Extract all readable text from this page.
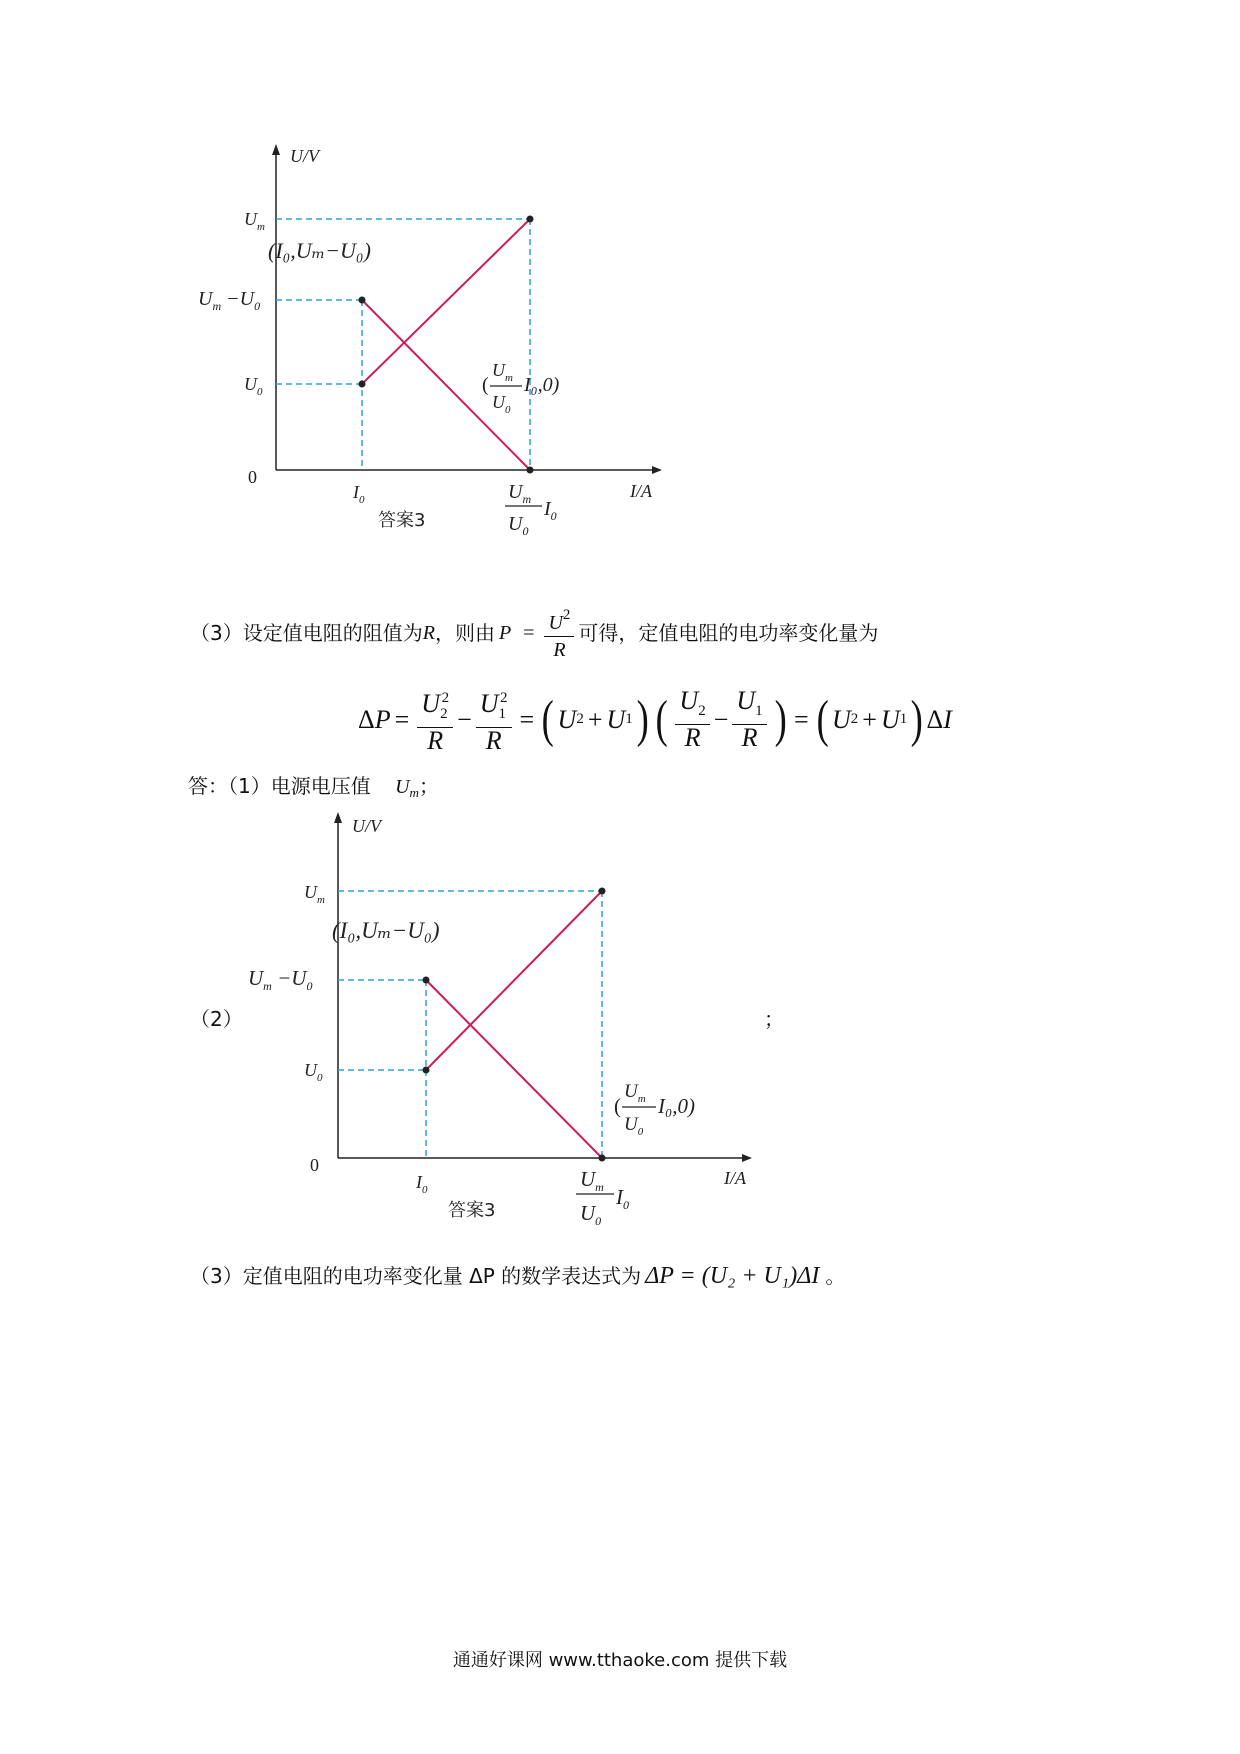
U/V
I/A
0
$U_m$
$U_m -U_0$
$U_0$
$I_0$	$U_m$
$U_0$
$I_0$
(I₀,Uₘ−U₀)
(
$U_m$
$U_0$
I₀,0)
答案3
（3）设定值电阻的阻值为 R ，则由 $P = \frac{U^2}{R}$ 可得，定值电阻的电功率变化量为
Δ $P = \frac{U_2^2}{R} - \frac{U_1^2}{R}$ = ( U 2 + U 1 ) ( $\frac{U_2}{R} - \frac{U_1}{R}$ ) = ( U 2 + U 1 ) Δ I
答：（1）电源电压值 $U_m$；
（2）	；
U/V
I/A
0
$U_m$
$U_m -U_0$
$U_0$
$I_0$	$U_m$
$U_0$
$I_0$
(I₀,Uₘ−U₀)
(
$U_m$
$U_0$
I₀,0)
答案3
（3）定值电阻的电功率变化量 ΔP 的数学表达式为 ΔP = (U₂ + U₁)ΔI 。
通通好课网 www.tthaoke.com 提供下载
